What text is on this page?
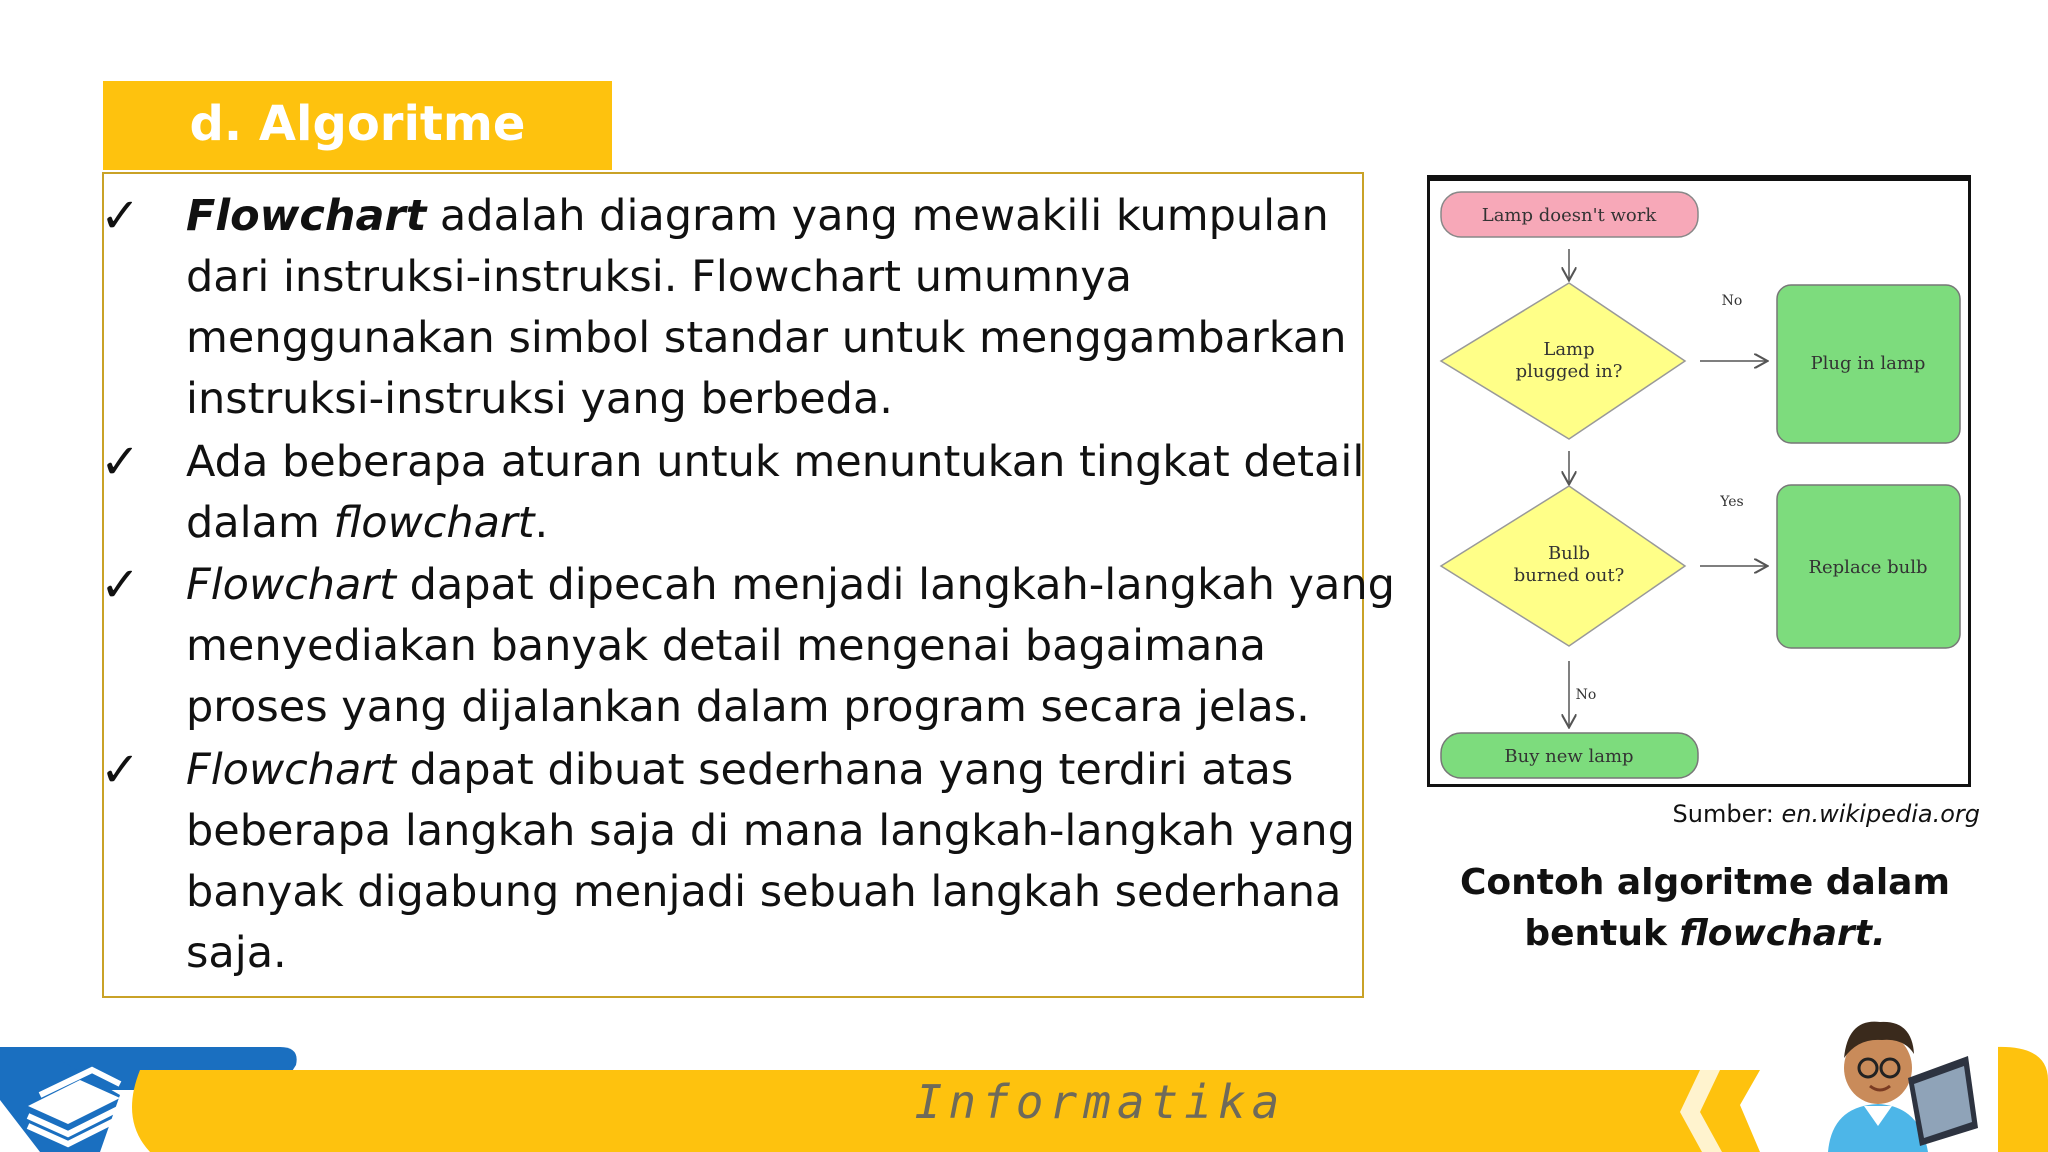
d. Algoritme
✓ Flowchart adalah diagram yang mewakili kumpulan
dari instruksi-instruksi. Flowchart umumnya
menggunakan simbol standar untuk menggambarkan
instruksi-instruksi yang berbeda.
✓ Ada beberapa aturan untuk menuntukan tingkat detail
dalam flowchart.
✓ Flowchart dapat dipecah menjadi langkah-langkah yang
menyediakan banyak detail mengenai bagaimana
proses yang dijalankan dalam program secara jelas.
✓ Flowchart dapat dibuat sederhana yang terdiri atas
beberapa langkah saja di mana langkah-langkah yang
banyak digabung menjadi sebuah langkah sederhana
saja.
Lamp doesn't work
Lamp
plugged in?
No
Plug in lamp
Bulb
burned out?
Yes
Replace bulb
No
Buy new lamp
Sumber: en.wikipedia.org
Contoh algoritme dalam
bentuk flowchart.
Informatika
